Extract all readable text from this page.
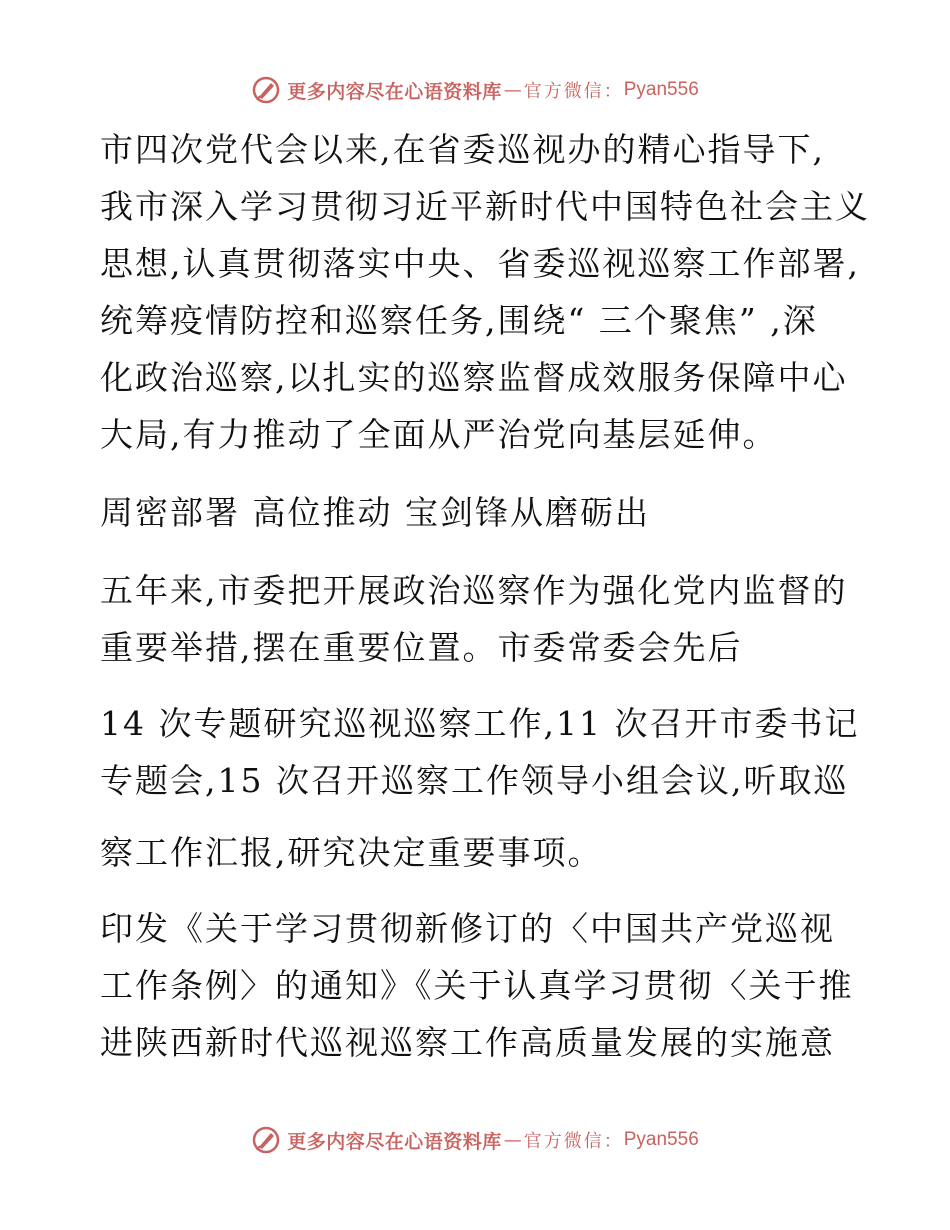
更多内容尽在心语资料库 — 官方微信： Pyan556
市四次党代会以来,在省委巡视办的精心指导下,
我市深入学习贯彻习近平新时代中国特色社会主义
思想,认真贯彻落实中央、省委巡视巡察工作部署,
统筹疫情防控和巡察任务,围绕“ 三个聚焦” ,深
化政治巡察,以扎实的巡察监督成效服务保障中心
大局,有力推动了全面从严治党向基层延伸。
周密部署 高位推动 宝剑锋从磨砺出
五年来,市委把开展政治巡察作为强化党内监督的
重要举措,摆在重要位置。市委常委会先后
14 次专题研究巡视巡察工作,11 次召开市委书记
专题会,15 次召开巡察工作领导小组会议,听取巡
察工作汇报,研究决定重要事项。
印发《关于学习贯彻新修订的〈中国共产党巡视
工作条例〉的通知》《关于认真学习贯彻〈关于推
进陕西新时代巡视巡察工作高质量发展的实施意
更多内容尽在心语资料库 — 官方微信： Pyan556
